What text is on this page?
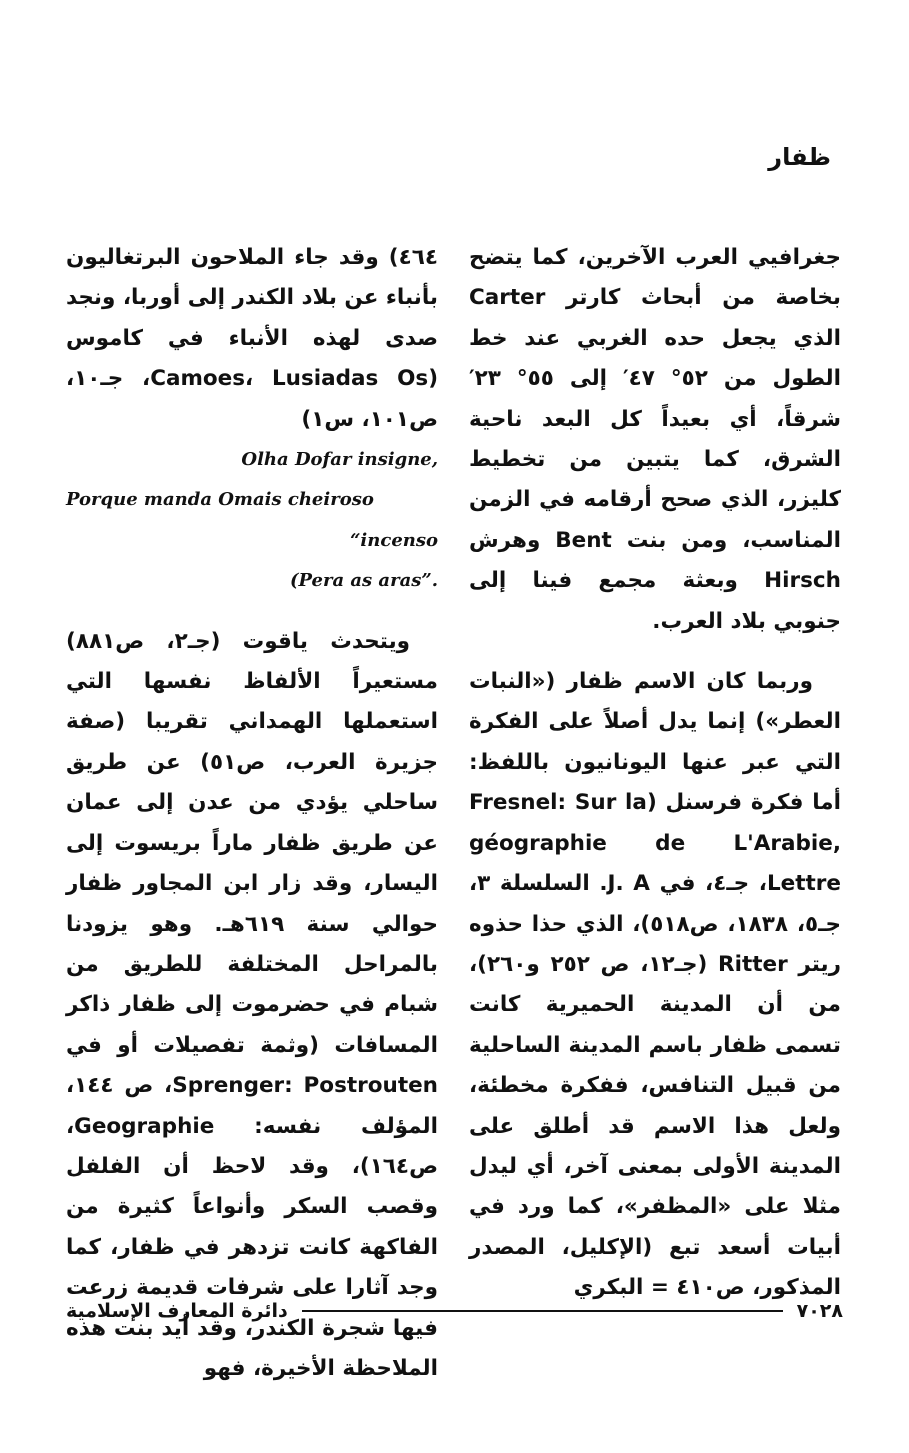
ظفار

جغرافيي العرب الآخرين، كما يتضح بخاصة من أبحاث كارتر Carter الذي يجعل حده الغربي عند خط الطول من ٥٢° ٤٧′ إلى ٥٥° ٢٣′ شرقاً، أي بعيداً كل البعد ناحية الشرق، كما يتبين من تخطيط كليزر، الذي صحح أرقامه في الزمن المناسب، ومن بنت Bent وهرش Hirsch وبعثة مجمع فينا إلى جنوبي بلاد العرب.

وربما كان الاسم ظفار («النبات العطر») إنما يدل أصلاً على الفكرة التي عبر عنها اليونانيون باللفظ: أما فكرة فرسنل (Fresnel: Sur la géographie de L'Arabie, Lettre، جـ٤، في J. A. السلسلة ٣، جـ٥، ١٨٣٨، ص٥١٨)، الذي حذا حذوه ريتر Ritter (جـ١٢، ص ٢٥٢ و٢٦٠)، من أن المدينة الحميرية كانت تسمى ظفار باسم المدينة الساحلية من قبيل التنافس، ففكرة مخطئة، ولعل هذا الاسم قد أطلق على المدينة الأولى بمعنى آخر، أي ليدل مثلا على «المظفر»، كما ورد في أبيات أسعد تبع (الإكليل، المصدر المذكور، ص٤١٠ = البكري

٤٦٤) وقد جاء الملاحون البرتغاليون بأنباء عن بلاد الكندر إلى أوربا، ونجد صدى لهذه الأنباء في كاموس (Camoes، Lusiadas Os، جـ١٠، ص١٠١، س١)

Olha Dofar insigne,
Porque manda Omais cheiroso “incenso
(Pera as aras”.

ويتحدث ياقوت (جـ٢، ص٨٨١) مستعيراً الألفاظ نفسها التي استعملها الهمداني تقريبا (صفة جزيرة العرب، ص٥١) عن طريق ساحلي يؤدي من عدن إلى عمان عن طريق ظفار ماراً بريسوت إلى اليسار، وقد زار ابن المجاور ظفار حوالي سنة ٦١٩هـ. وهو يزودنا بالمراحل المختلفة للطريق من شبام في حضرموت إلى ظفار ذاكر المسافات (وثمة تفصيلات أو في Sprenger: Postrouten، ص ١٤٤، المؤلف نفسه: Geographie، ص١٦٤)، وقد لاحظ أن الفلفل وقصب السكر وأنواعاً كثيرة من الفاكهة كانت تزدهر في ظفار، كما وجد آثارا على شرفات قديمة زرعت فيها شجرة الكندر، وقد أيد بنت هذه الملاحظة الأخيرة، فهو

دائرة المعارف الإسلامية	٧٠٢٨
